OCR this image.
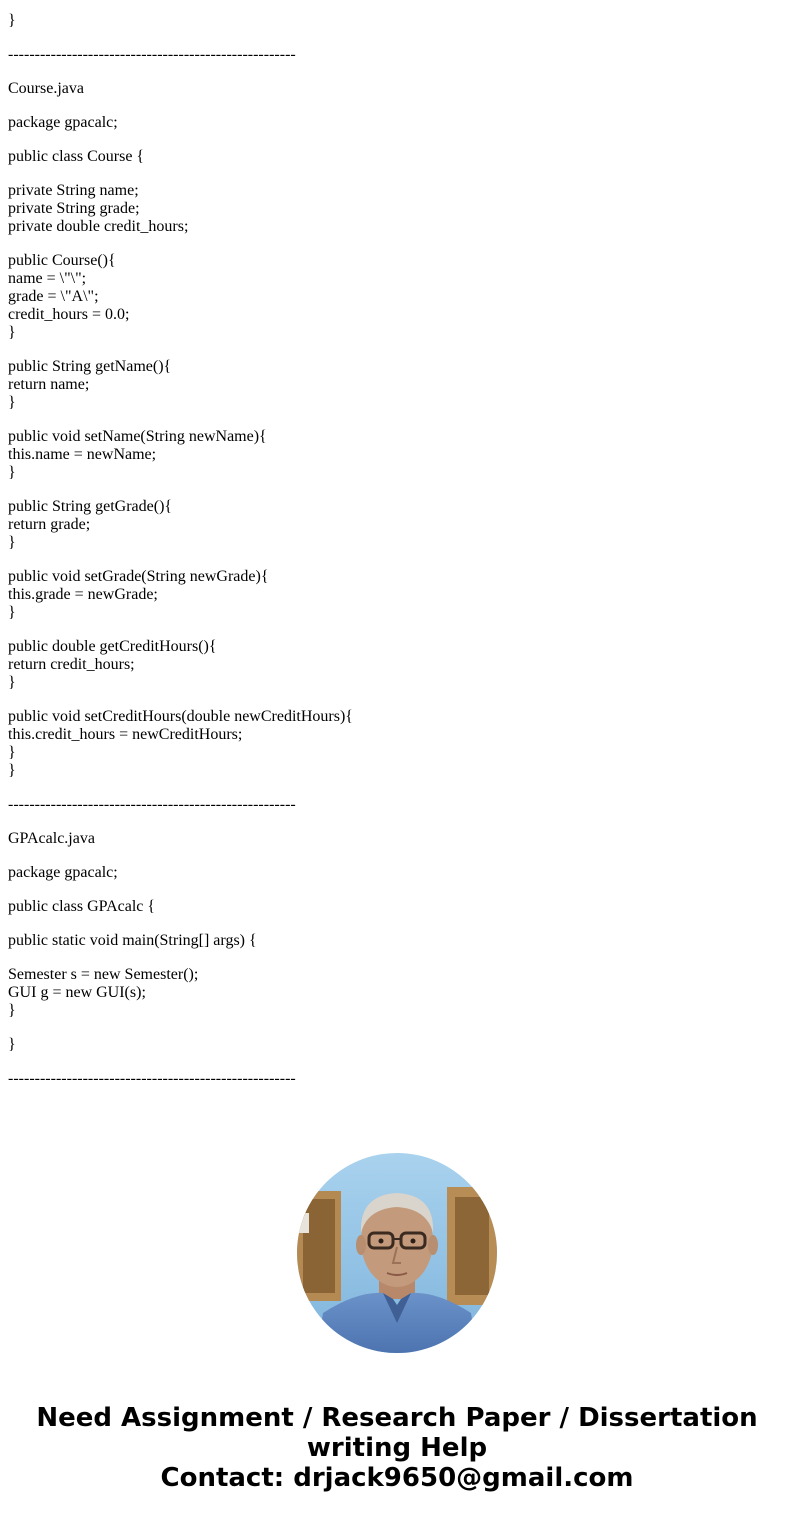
}
------------------------------------------------------
Course.java
package gpacalc;
public class Course {
private String name;
private String grade;
private double credit_hours;
public Course(){
name = \"\";
grade = \"A\";
credit_hours = 0.0;
}
public String getName(){
return name;
}
public void setName(String newName){
this.name = newName;
}
public String getGrade(){
return grade;
}
public void setGrade(String newGrade){
this.grade = newGrade;
}
public double getCreditHours(){
return credit_hours;
}
public void setCreditHours(double newCreditHours){
this.credit_hours = newCreditHours;
}
}
------------------------------------------------------
GPAcalc.java
package gpacalc;
public class GPAcalc {
public static void main(String[] args) {
Semester s = new Semester();
GUI g = new GUI(s);
}
}
------------------------------------------------------
Need Assignment / Research Paper / Dissertation
writing Help
Contact: drjack9650@gmail.com
